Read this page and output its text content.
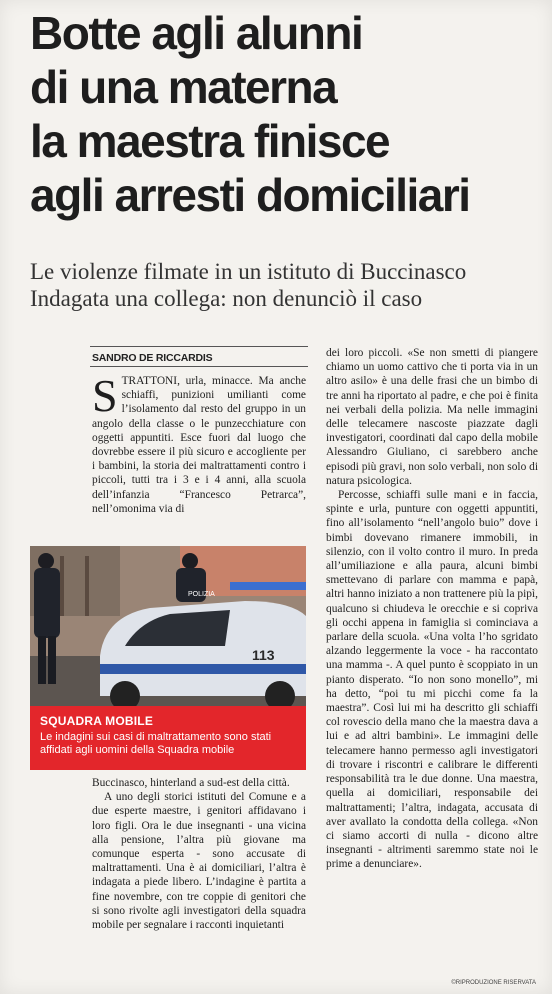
Botte agli alunni
di una materna
la maestra finisce
agli arresti domiciliari
Le violenze filmate in un istituto di Buccinasco
Indagata una collega: non denunciò il caso
SANDRO DE RICCARDIS

STRATTONI, urla, minacce. Ma anche schiaffi, punizioni umilianti come l’isolamento dal resto del gruppo in un angolo della classe o le punzecchiature con oggetti appuntiti. Esce fuori dal luogo che dovrebbe essere il più sicuro e accogliente per i bambini, la storia dei maltrattamenti contro i piccoli, tutti tra i 3 e i 4 anni, alla scuola dell’infanzia “Francesco Petrarca”, nell’omonima via di

POLIZIA
113
SQUADRA MOBILE
Le indagini sui casi di maltrattamento sono stati affidati agli uomini della Squadra mobile

Buccinasco, hinterland a sud-est della città.

A uno degli storici istituti del Comune e a due esperte maestre, i genitori affidavano i loro figli. Ora le due insegnanti - una vicina alla pensione, l’altra più giovane ma comunque esperta - sono accusate di maltrattamenti. Una è ai domiciliari, l’altra è indagata a piede libero. L’indagine è partita a fine novembre, con tre coppie di genitori che si sono rivolte agli investigatori della squadra mobile per segnalare i racconti inquietanti

dei loro piccoli. «Se non smetti di piangere chiamo un uomo cattivo che ti porta via in un altro asilo» è una delle frasi che un bimbo di tre anni ha riportato al padre, e che poi è finita nei verbali della polizia. Ma nelle immagini delle telecamere nascoste piazzate dagli investigatori, coordinati dal capo della mobile Alessandro Giuliano, ci sarebbero anche episodi più gravi, non solo verbali, non solo di natura psicologica.

Percosse, schiaffi sulle mani e in faccia, spinte e urla, punture con oggetti appuntiti, fino all’isolamento “nell’angolo buio” dove i bimbi dovevano rimanere immobili, in silenzio, con il volto contro il muro. In preda all’umiliazione e alla paura, alcuni bimbi smettevano di parlare con mamma e papà, altri hanno iniziato a non trattenere più la pipì, qualcuno si chiudeva le orecchie e si copriva gli occhi appena in famiglia si cominciava a parlare della scuola. «Una volta l’ho sgridato alzando leggermente la voce - ha raccontato una mamma -. A quel punto è scoppiato in un pianto disperato. “Io non sono monello”, mi ha detto, “poi tu mi picchi come fa la maestra”. Così lui mi ha descritto gli schiaffi col rovescio della mano che la maestra dava a lui e ad altri bambini». Le immagini delle telecamere hanno permesso agli investigatori di trovare i riscontri e calibrare le differenti responsabilità tra le due donne. Una maestra, quella ai domiciliari, responsabile dei maltrattamenti; l’altra, indagata, accusata di aver avallato la condotta della collega. «Non ci siamo accorti di nulla - dicono altre insegnanti - altrimenti saremmo state noi le prime a denunciare».

©RIPRODUZIONE RISERVATA
